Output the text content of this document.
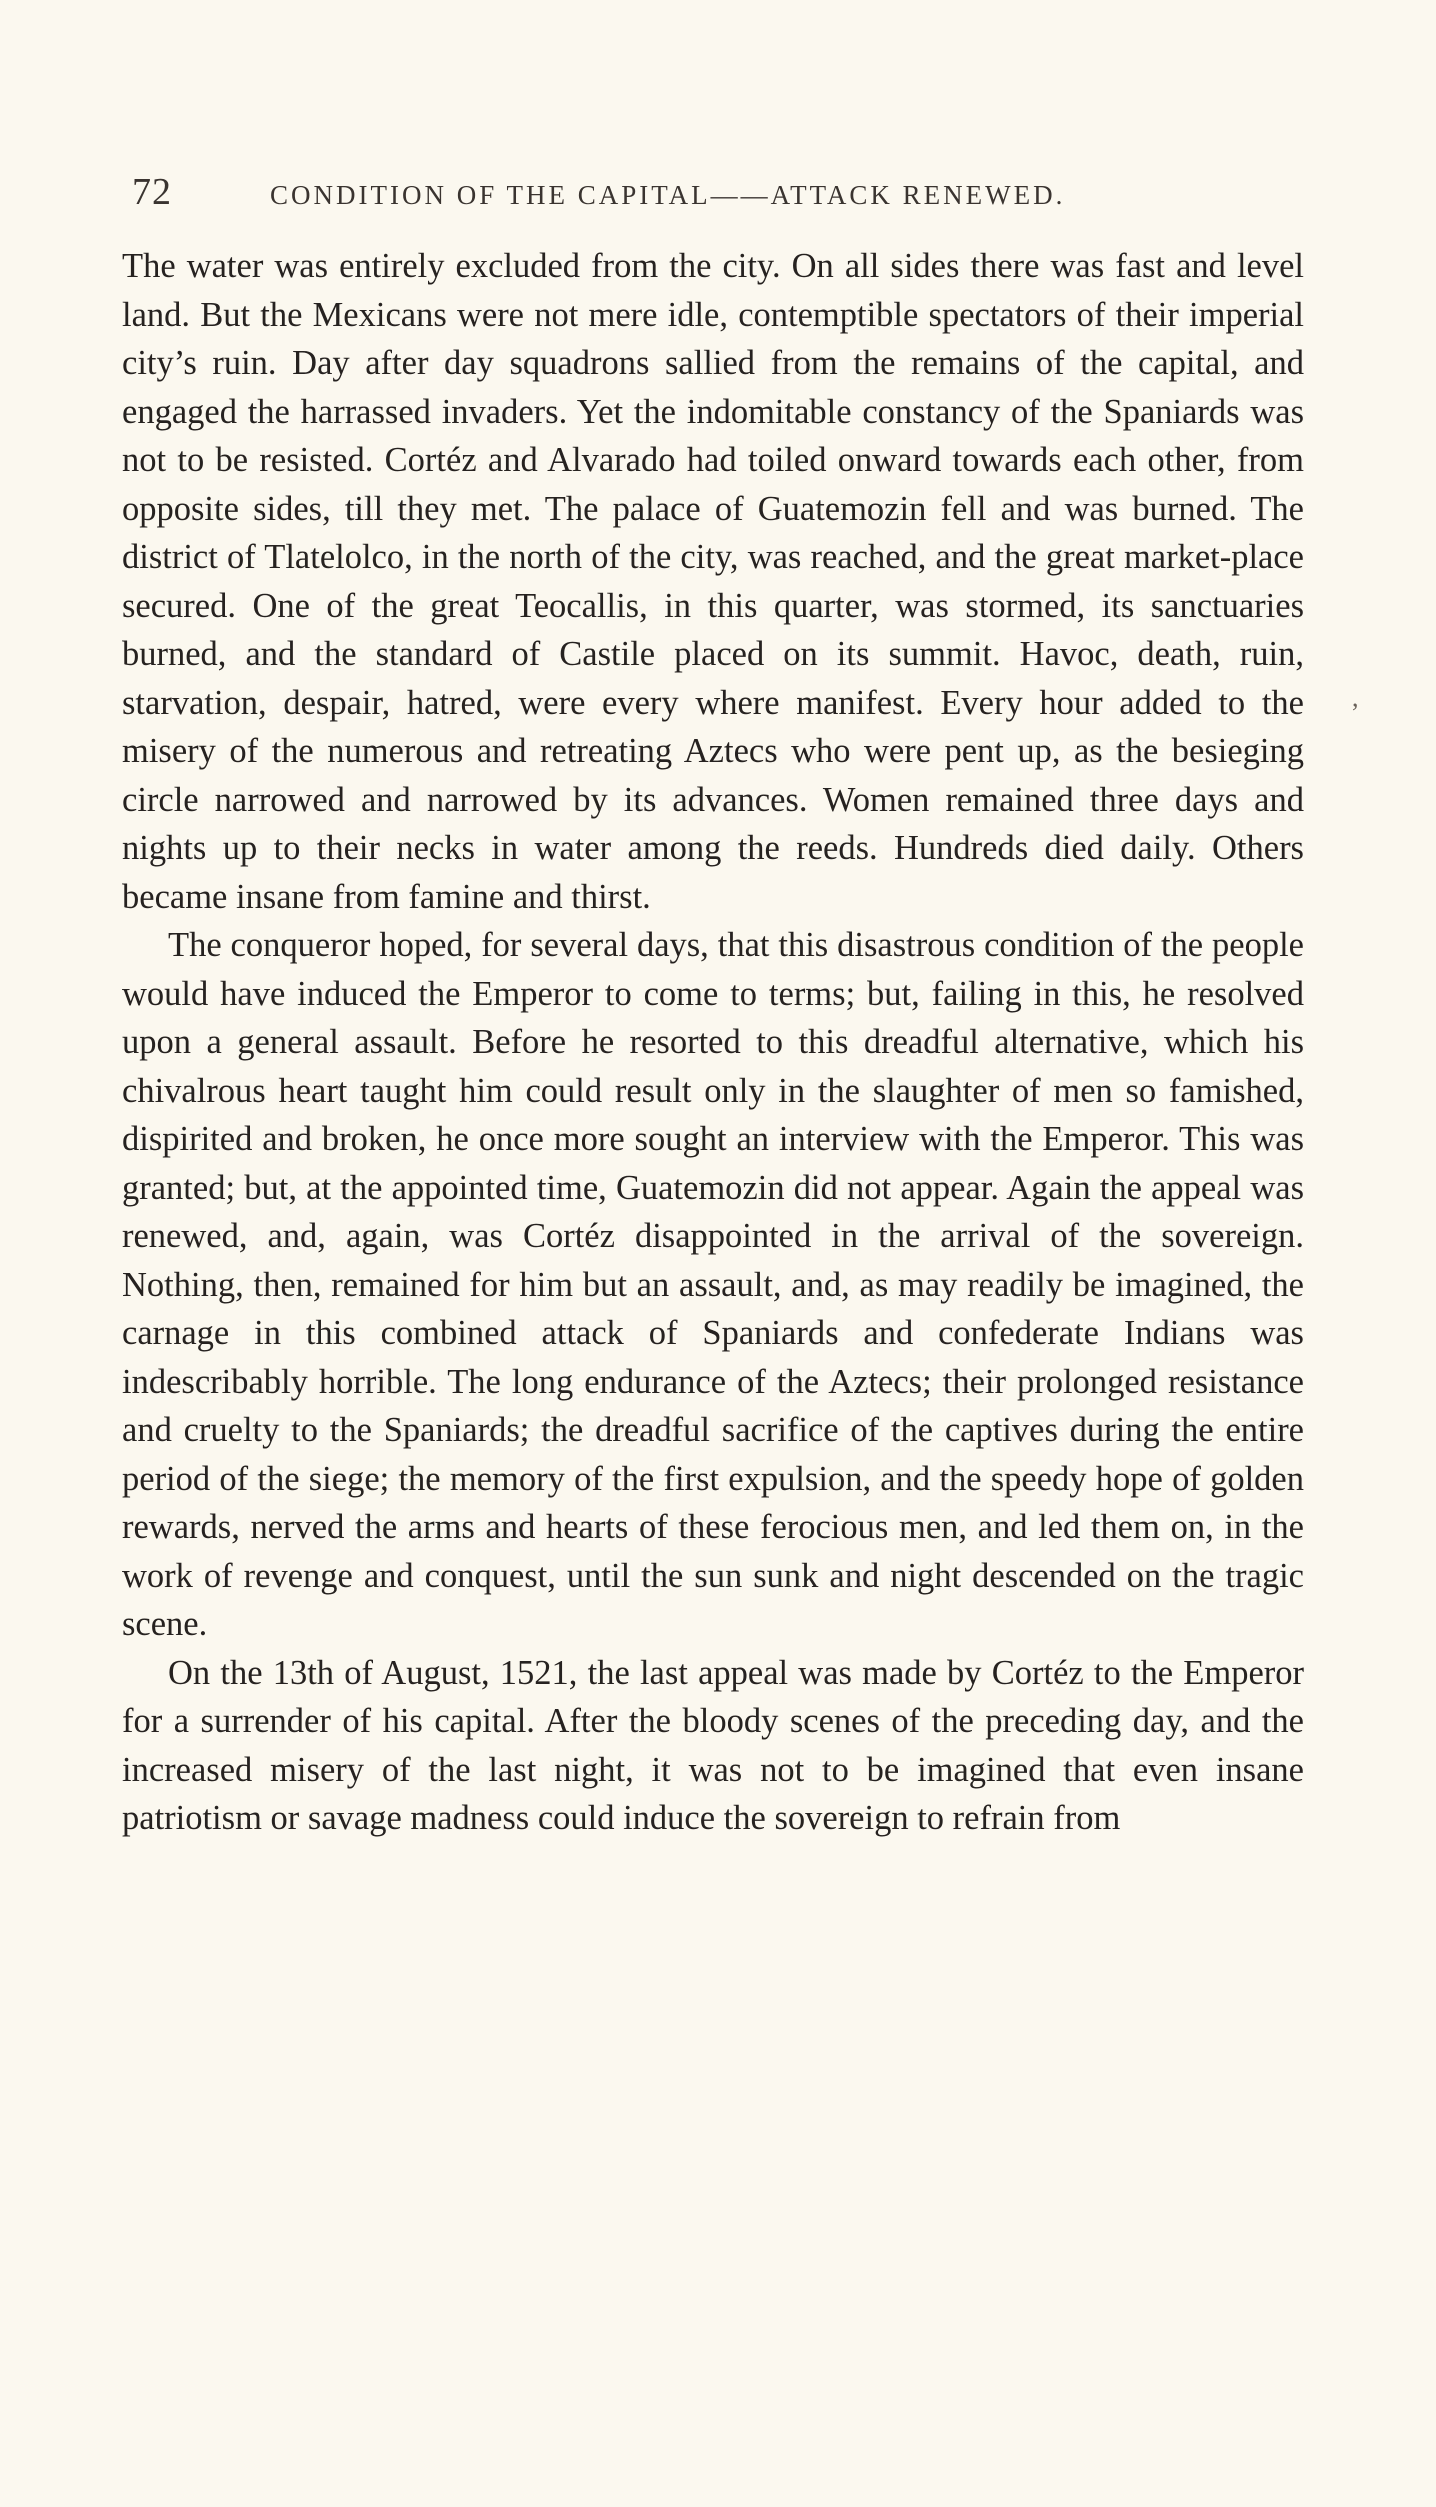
,
72	CONDITION OF THE CAPITAL——ATTACK RENEWED.

The water was entirely excluded from the city. On all sides there was fast and level land. But the Mexicans were not mere idle, contemptible spectators of their imperial city’s ruin. Day after day squadrons sallied from the remains of the capital, and engaged the harrassed invaders. Yet the indomitable constancy of the Spaniards was not to be resisted. Cortéz and Alvarado had toiled onward towards each other, from opposite sides, till they met. The palace of Guatemozin fell and was burned. The district of Tlatelolco, in the north of the city, was reached, and the great market-place secured. One of the great Teocallis, in this quarter, was stormed, its sanctuaries burned, and the standard of Castile placed on its summit. Havoc, death, ruin, starvation, despair, hatred, were every where manifest. Every hour added to the misery of the numerous and retreating Aztecs who were pent up, as the besieging circle narrowed and narrowed by its advances. Women remained three days and nights up to their necks in water among the reeds. Hundreds died daily. Others became insane from famine and thirst.

The conqueror hoped, for several days, that this disastrous condition of the people would have induced the Emperor to come to terms; but, failing in this, he resolved upon a general assault. Before he resorted to this dreadful alternative, which his chivalrous heart taught him could result only in the slaughter of men so famished, dispirited and broken, he once more sought an interview with the Emperor. This was granted; but, at the appointed time, Guatemozin did not appear. Again the appeal was renewed, and, again, was Cortéz disappointed in the arrival of the sovereign. Nothing, then, remained for him but an assault, and, as may readily be imagined, the carnage in this combined attack of Spaniards and confederate Indians was indescribably horrible. The long endurance of the Aztecs; their prolonged resistance and cruelty to the Spaniards; the dreadful sacrifice of the captives during the entire period of the siege; the memory of the first expulsion, and the speedy hope of golden rewards, nerved the arms and hearts of these ferocious men, and led them on, in the work of revenge and conquest, until the sun sunk and night descended on the tragic scene.

On the 13th of August, 1521, the last appeal was made by Cortéz to the Emperor for a surrender of his capital. After the bloody scenes of the preceding day, and the increased misery of the last night, it was not to be imagined that even insane patriotism or savage madness could induce the sovereign to refrain from
